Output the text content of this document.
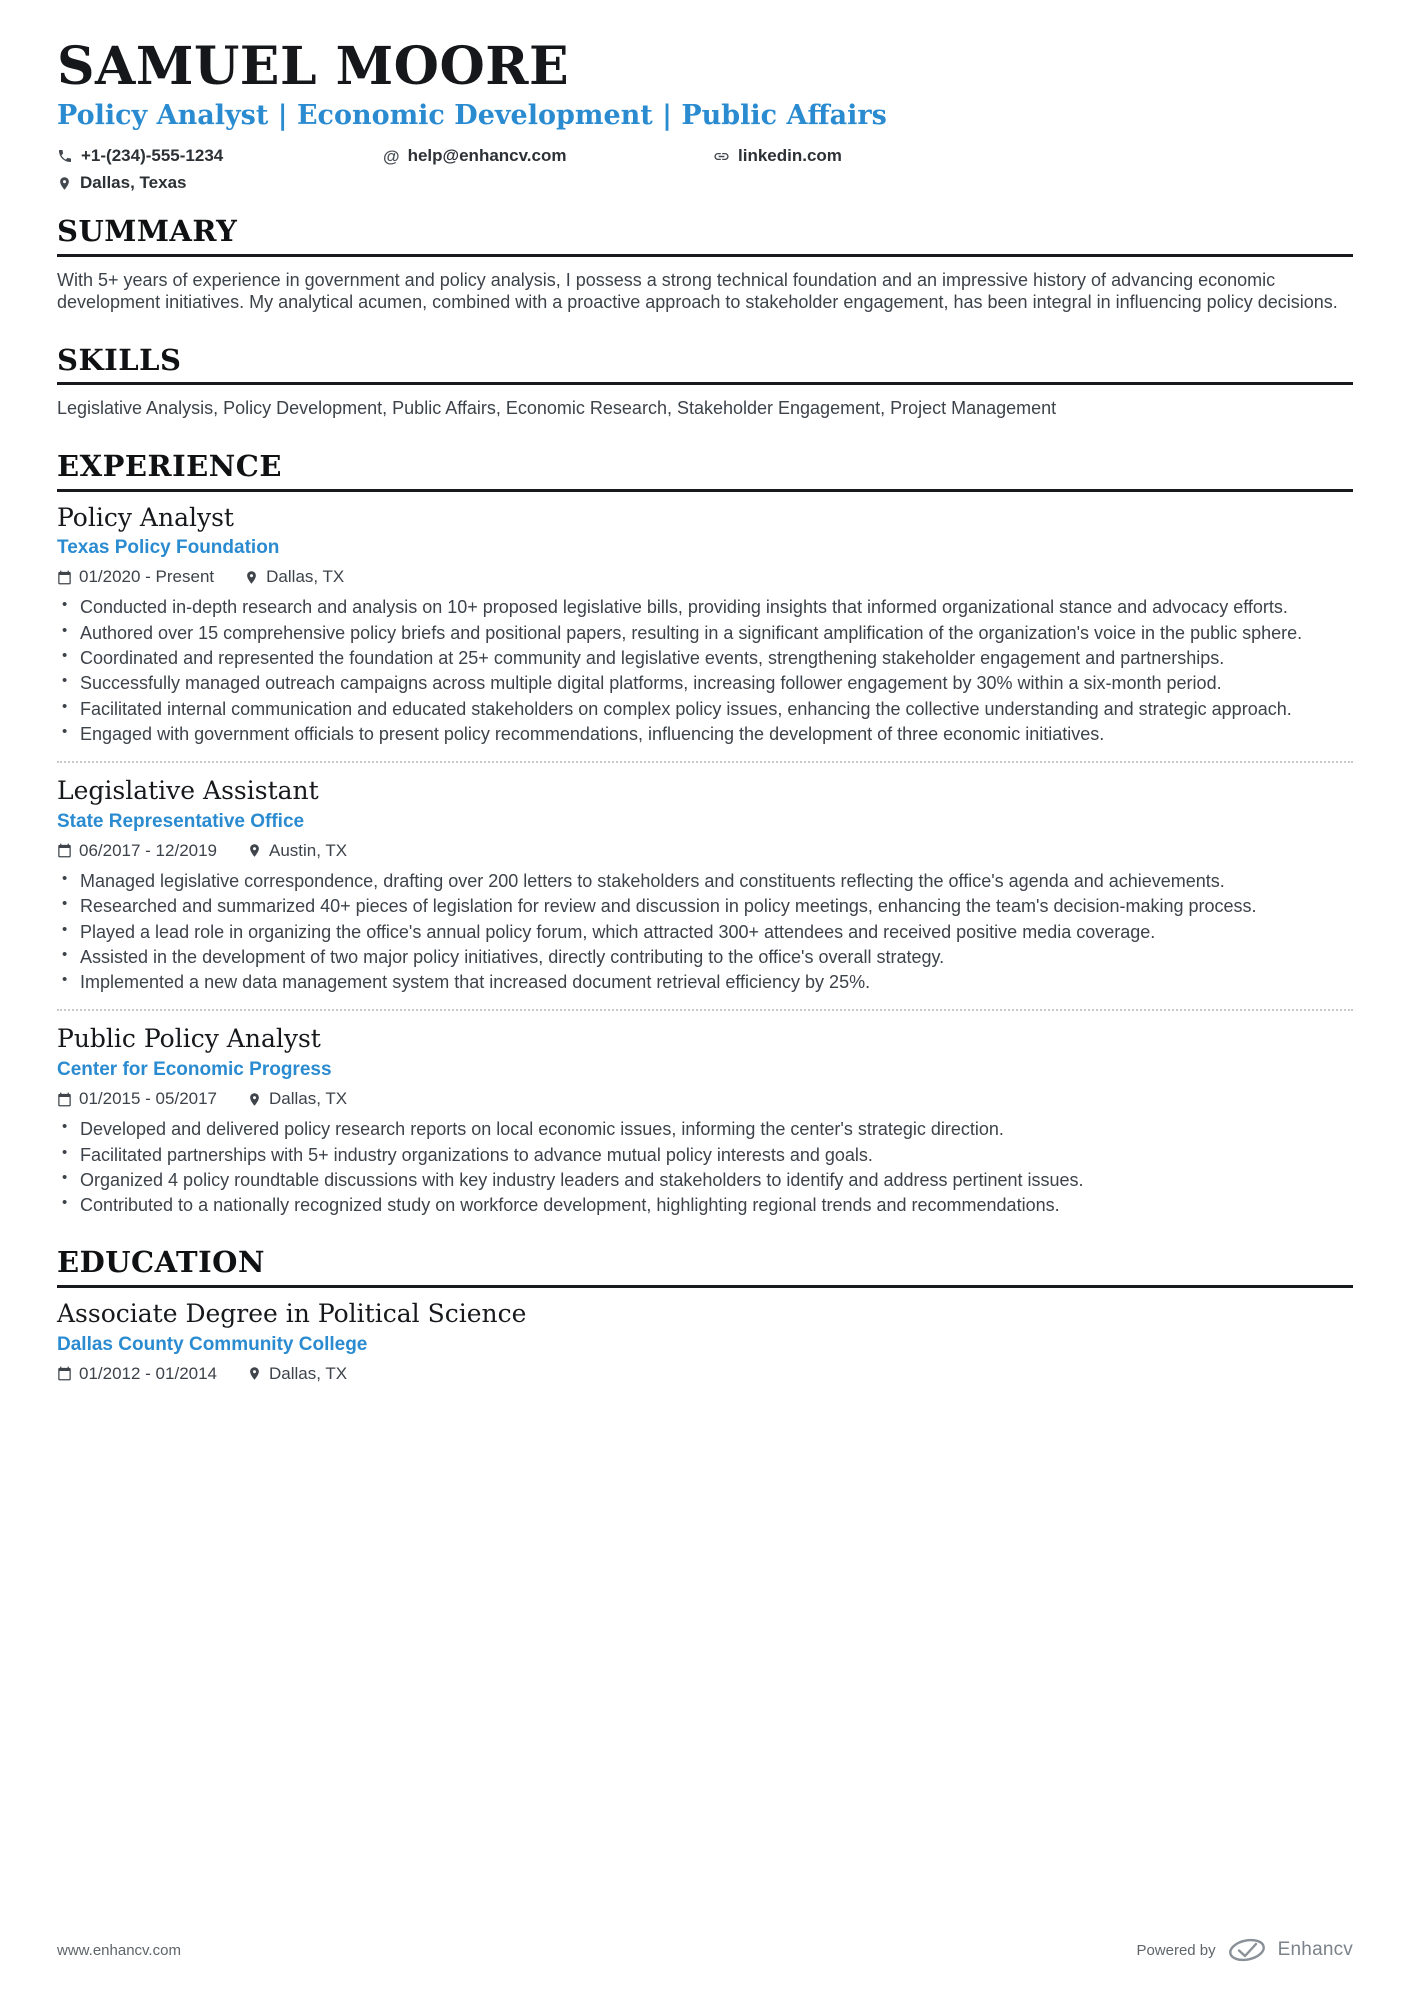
SAMUEL MOORE
Policy Analyst | Economic Development | Public Affairs
+1-(234)-555-1234	@ help@enhancv.com	linkedin.com
Dallas, Texas
SUMMARY

With 5+ years of experience in government and policy analysis, I possess a strong technical foundation and an impressive history of advancing economic development initiatives. My analytical acumen, combined with a proactive approach to stakeholder engagement, has been integral in influencing policy decisions.

SKILLS

Legislative Analysis, Policy Development, Public Affairs, Economic Research, Stakeholder Engagement, Project Management

EXPERIENCE
Policy Analyst
Texas Policy Foundation
01/2020 - Present	Dallas, TX
• Conducted in-depth research and analysis on 10+ proposed legislative bills, providing insights that informed organizational stance and advocacy efforts.
• Authored over 15 comprehensive policy briefs and positional papers, resulting in a significant amplification of the organization's voice in the public sphere.
• Coordinated and represented the foundation at 25+ community and legislative events, strengthening stakeholder engagement and partnerships.
• Successfully managed outreach campaigns across multiple digital platforms, increasing follower engagement by 30% within a six-month period.
• Facilitated internal communication and educated stakeholders on complex policy issues, enhancing the collective understanding and strategic approach.
• Engaged with government officials to present policy recommendations, influencing the development of three economic initiatives.
Legislative Assistant
State Representative Office
06/2017 - 12/2019	Austin, TX
• Managed legislative correspondence, drafting over 200 letters to stakeholders and constituents reflecting the office's agenda and achievements.
• Researched and summarized 40+ pieces of legislation for review and discussion in policy meetings, enhancing the team's decision-making process.
• Played a lead role in organizing the office's annual policy forum, which attracted 300+ attendees and received positive media coverage.
• Assisted in the development of two major policy initiatives, directly contributing to the office's overall strategy.
• Implemented a new data management system that increased document retrieval efficiency by 25%.
Public Policy Analyst
Center for Economic Progress
01/2015 - 05/2017	Dallas, TX
• Developed and delivered policy research reports on local economic issues, informing the center's strategic direction.
• Facilitated partnerships with 5+ industry organizations to advance mutual policy interests and goals.
• Organized 4 policy roundtable discussions with key industry leaders and stakeholders to identify and address pertinent issues.
• Contributed to a nationally recognized study on workforce development, highlighting regional trends and recommendations.
EDUCATION
Associate Degree in Political Science
Dallas County Community College
01/2012 - 01/2014	Dallas, TX
www.enhancv.com	Powered by	Enhancv
